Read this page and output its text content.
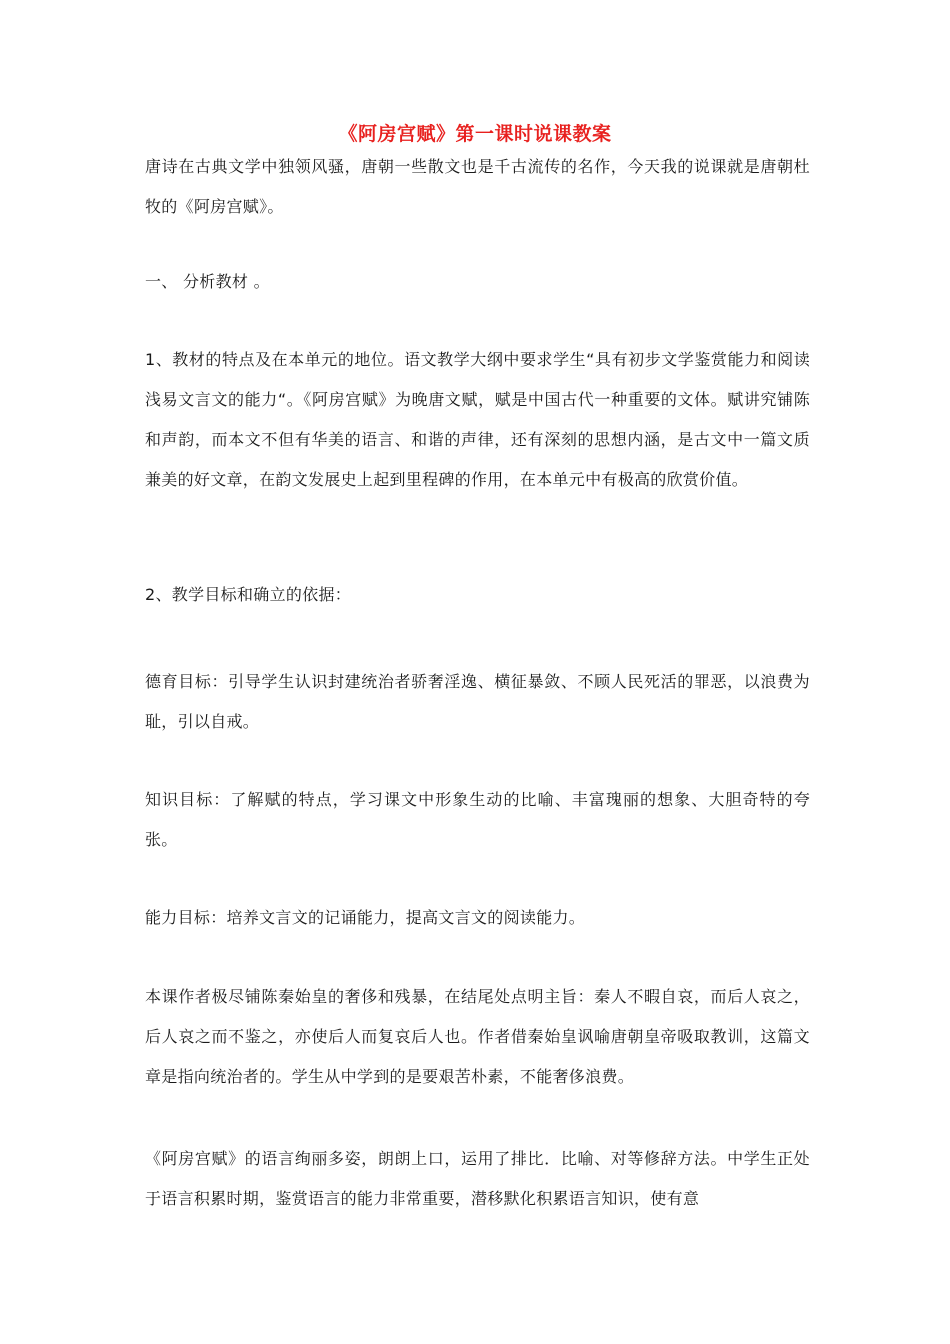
《阿房宫赋》第一课时说课教案

唐诗在古典文学中独领风骚，唐朝一些散文也是千古流传的名作，今天我的说课就是唐朝杜牧的《阿房宫赋》。

一、 分析教材 。

1、教材的特点及在本单元的地位。语文教学大纲中要求学生“具有初步文学鉴赏能力和阅读浅易文言文的能力“。《阿房宫赋》为晚唐文赋，赋是中国古代一种重要的文体。赋讲究铺陈和声韵，而本文不但有华美的语言、和谐的声律，还有深刻的思想内涵，是古文中一篇文质兼美的好文章，在韵文发展史上起到里程碑的作用，在本单元中有极高的欣赏价值。

2、教学目标和确立的依据：

德育目标：引导学生认识封建统治者骄奢淫逸、横征暴敛、不顾人民死活的罪恶，以浪费为耻，引以自戒。

知识目标：了解赋的特点，学习课文中形象生动的比喻、丰富瑰丽的想象、大胆奇特的夸张。

能力目标：培养文言文的记诵能力，提高文言文的阅读能力。

本课作者极尽铺陈秦始皇的奢侈和残暴，在结尾处点明主旨：秦人不暇自哀，而后人哀之，后人哀之而不鉴之，亦使后人而复哀后人也。作者借秦始皇讽喻唐朝皇帝吸取教训，这篇文章是指向统治者的。学生从中学到的是要艰苦朴素，不能奢侈浪费。

《阿房宫赋》的语言绚丽多姿，朗朗上口，运用了排比．比喻、对等修辞方法。中学生正处于语言积累时期，鉴赏语言的能力非常重要，潜移默化积累语言知识，使有意
